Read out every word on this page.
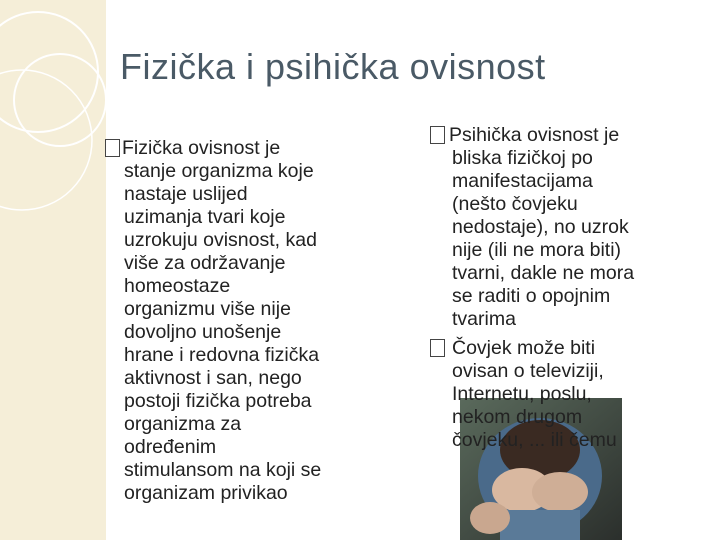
Fizička i psihička ovisnost
Fizička ovisnost je
stanje organizma koje
nastaje uslijed
uzimanja tvari koje
uzrokuju ovisnost, kad
više za održavanje
homeostaze
organizmu više nije
dovoljno unošenje
hrane i redovna fizička
aktivnost i san, nego
postoji fizička potreba
organizma za
određenim
stimulansom na koji se
organizam privikao
Psihička ovisnost je
bliska fizičkoj po
manifestacijama
(nešto čovjeku
nedostaje), no uzrok
nije (ili ne mora biti)
tvarni, dakle ne mora
se raditi o opojnim
tvarima
Čovjek može biti
ovisan o televiziji,
Internetu, poslu,
nekom drugom
čovjeku, ... ili čemu
